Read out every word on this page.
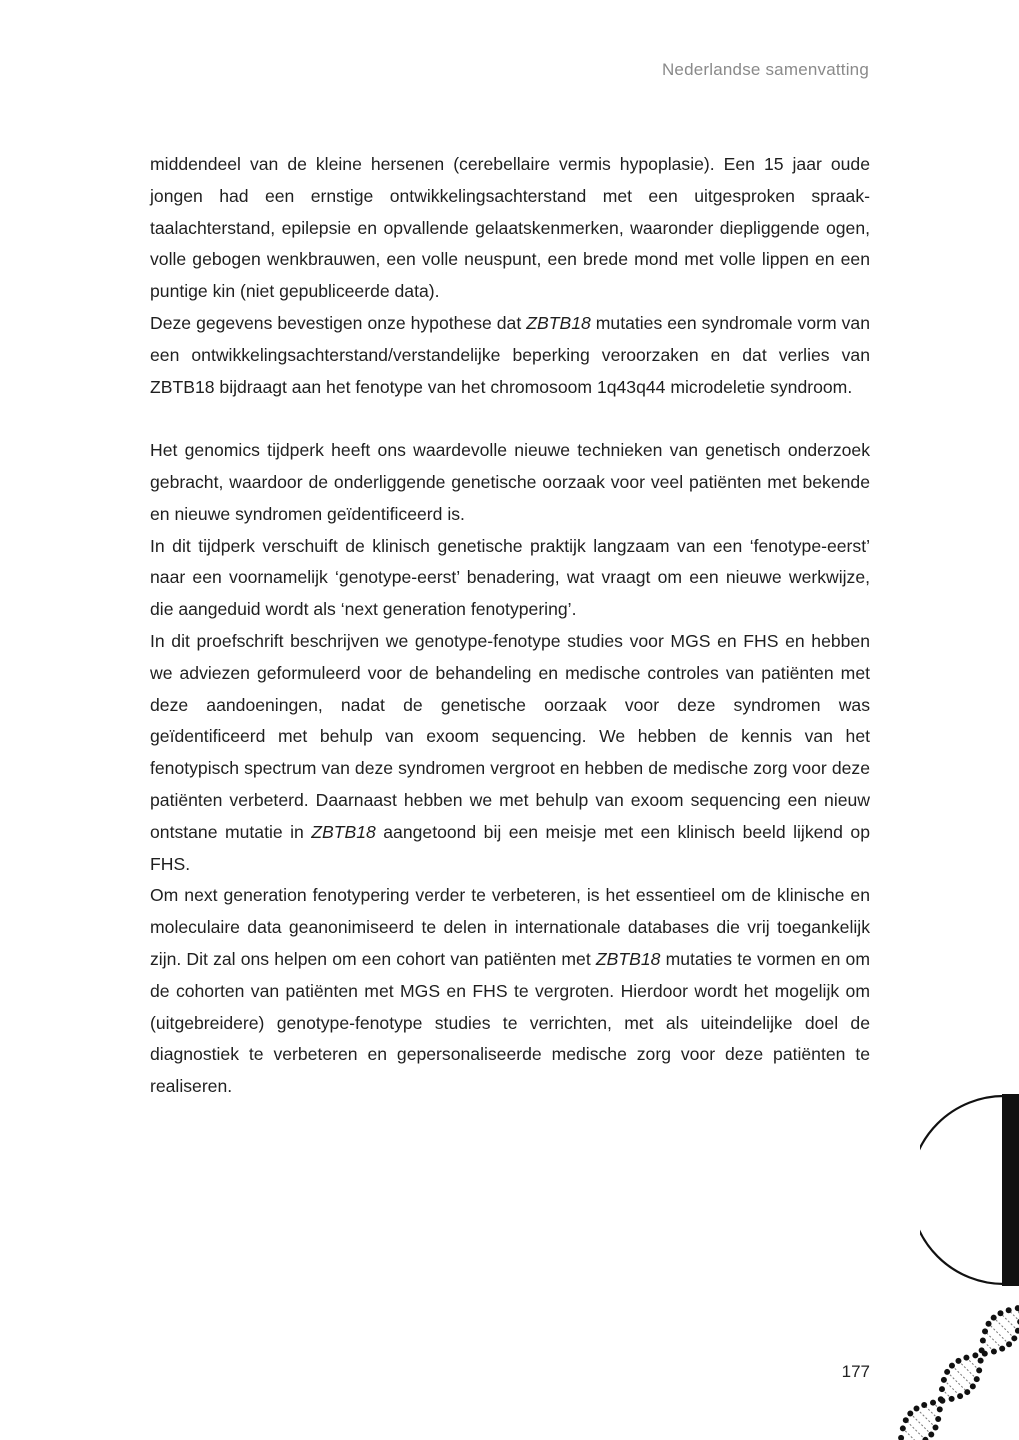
Nederlandse samenvatting

middendeel van de kleine hersenen (cerebellaire vermis hypoplasie). Een 15 jaar oude jongen had een ernstige ontwikkelingsachterstand met een uitgesproken spraak-taalachterstand, epilepsie en opvallende gelaatskenmerken, waaronder diepliggende ogen, volle gebogen wenkbrauwen, een volle neuspunt, een brede mond met volle lippen en een puntige kin (niet gepubliceerde data).

Deze gegevens bevestigen onze hypothese dat ZBTB18 mutaties een syndromale vorm van een ontwikkelingsachterstand/verstandelijke beperking veroorzaken en dat verlies van ZBTB18 bijdraagt aan het fenotype van het chromosoom 1q43q44 microdeletie syndroom.

Het genomics tijdperk heeft ons waardevolle nieuwe technieken van genetisch onderzoek gebracht, waardoor de onderliggende genetische oorzaak voor veel patiënten met bekende en nieuwe syndromen geïdentificeerd is.

In dit tijdperk verschuift de klinisch genetische praktijk langzaam van een ‘fenotype-eerst’ naar een voornamelijk ‘genotype-eerst’ benadering, wat vraagt om een nieuwe werkwijze, die aangeduid wordt als ‘next generation fenotypering’.

In dit proefschrift beschrijven we genotype-fenotype studies voor MGS en FHS en hebben we adviezen geformuleerd voor de behandeling en medische controles van patiënten met deze aandoeningen, nadat de genetische oorzaak voor deze syndromen was geïdentificeerd met behulp van exoom sequencing. We hebben de kennis van het fenotypisch spectrum van deze syndromen vergroot en hebben de medische zorg voor deze patiënten verbeterd. Daarnaast hebben we met behulp van exoom sequencing een nieuw ontstane mutatie in ZBTB18 aangetoond bij een meisje met een klinisch beeld lijkend op FHS.

Om next generation fenotypering verder te verbeteren, is het essentieel om de klinische en moleculaire data geanonimiseerd te delen in internationale databases die vrij toegankelijk zijn. Dit zal ons helpen om een cohort van patiënten met ZBTB18 mutaties te vormen en om de cohorten van patiënten met MGS en FHS te vergroten. Hierdoor wordt het mogelijk om (uitgebreidere) genotype-fenotype studies te verrichten, met als uiteindelijke doel de diagnostiek te verbeteren en gepersonaliseerde medische zorg voor deze patiënten te realiseren.

177
